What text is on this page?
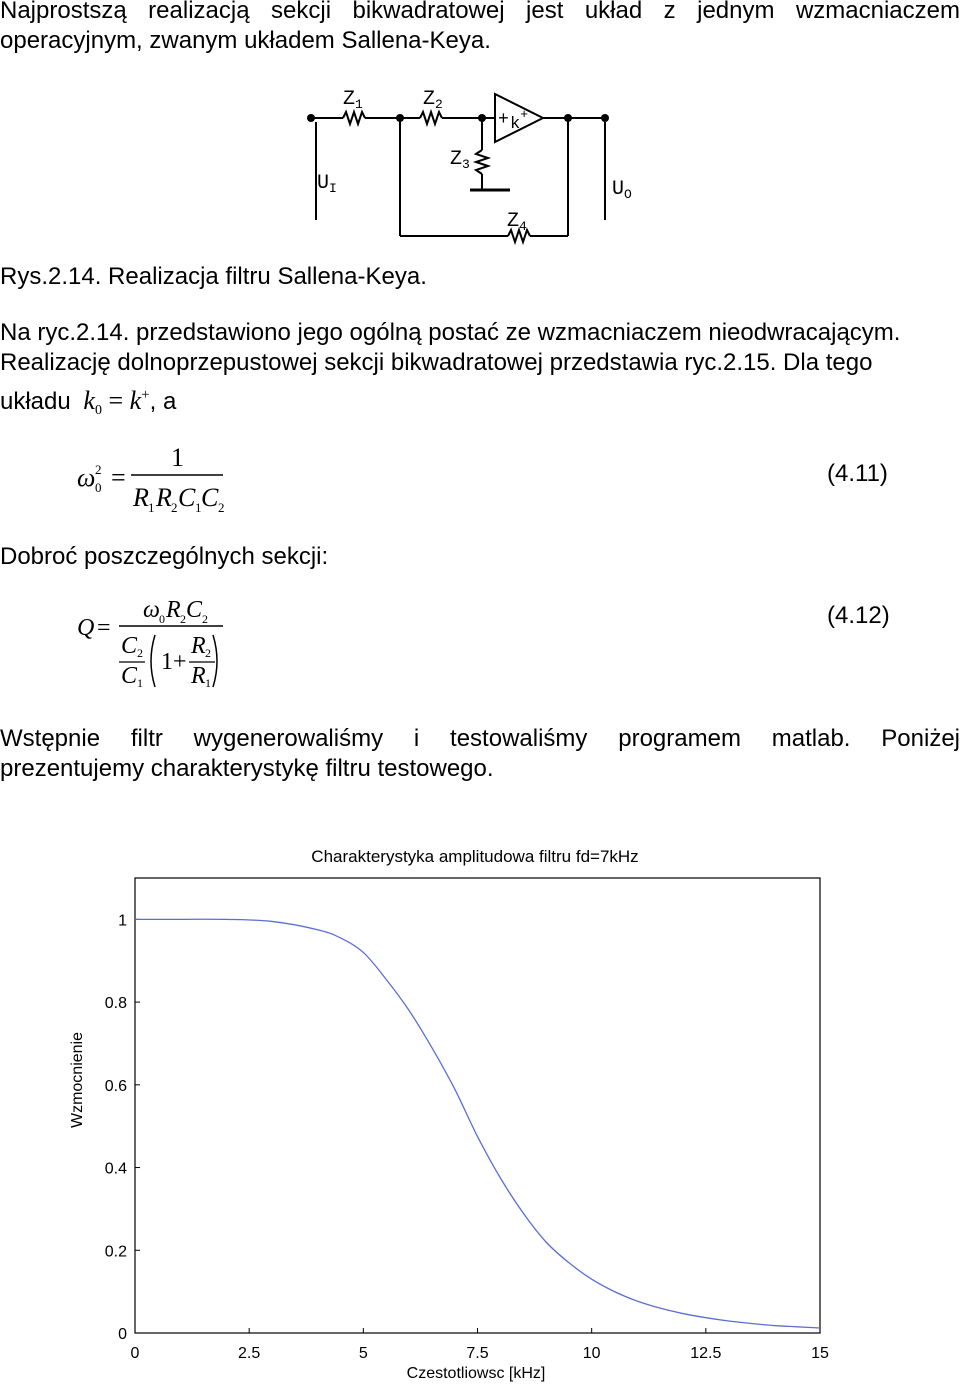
Najprostszą realizacją sekcji bikwadratowej jest układ z jednym wzmacniaczem

operacyjnym, zwanym układem Sallena-Keya.

$Z_1$	$Z_2$
$Z_3$
$Z_4$
+ k+
$U_I$	$U_O$

Rys.2.14. Realizacja filtru Sallena-Keya.

Na ryc.2.14. przedstawiono jego ogólną postać ze wzmacniaczem nieodwracającym.

Realizację dolnoprzepustowej sekcji bikwadratowej przedstawia ryc.2.15. Dla tego

układu $k_0 = k^+$, a

ω 2
0 =
1
R 1 R 2 C 1 C 2
(4.11)

Dobroć poszczególnych sekcji:

Q =
ω 0 R 2 C 2
C 2
C 1
1+
R 2
R 1
(4.12)

Wstępnie filtr wygenerowaliśmy i testowaliśmy programem matlab. Poniżej

prezentujemy charakterystykę filtru testowego.

Charakterystyka amplitudowa filtru fd=7kHz
0
0.2
0.4
0.6
0.8
1
0	2.5	5	7.5	10	12.5	15
Czestotliowsc [kHz]
Wzmocnienie
